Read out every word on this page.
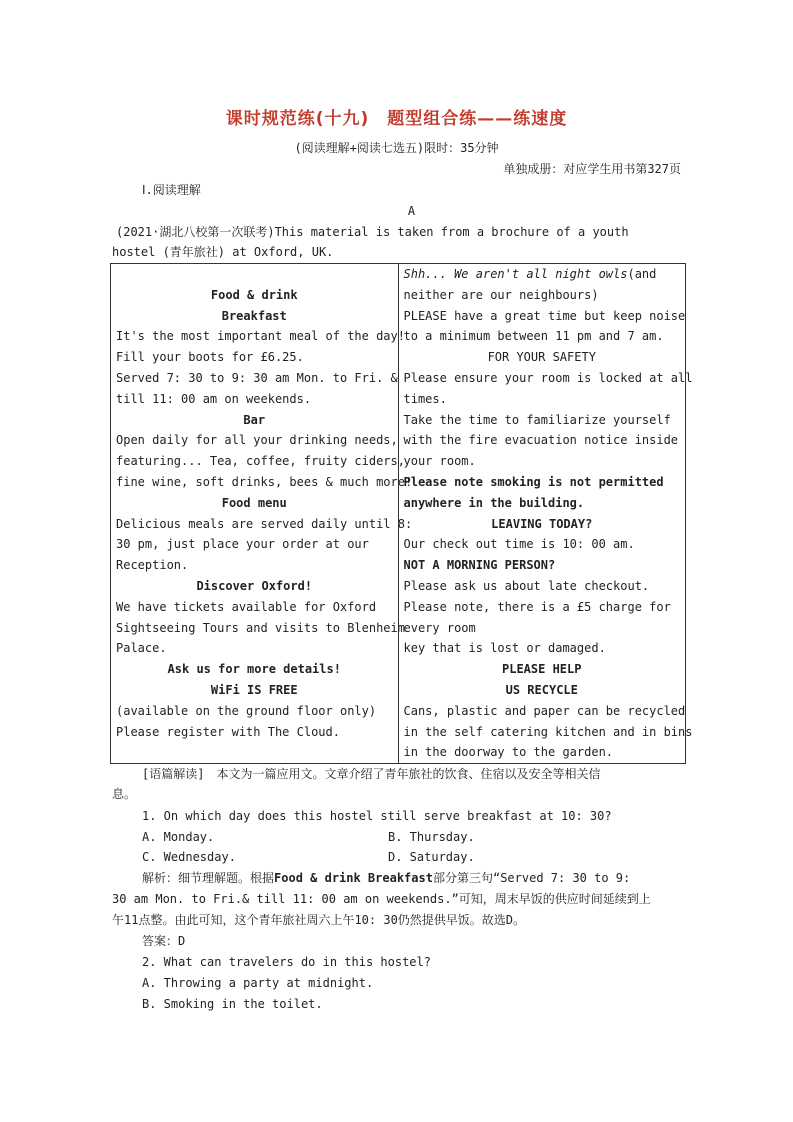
课时规范练(十九)　题型组合练——练速度
(阅读理解+阅读七选五)限时：35分钟
单独成册：对应学生用书第327页
Ⅰ.阅读理解
A
(2021·湖北八校第一次联考)This material is taken from a brochure of a youth
hostel (青年旅社) at Oxford, UK.
Food & drink
Breakfast
It's the most important meal of the day!
Fill your boots for £6.25.
Served 7: 30 to 9: 30 am Mon. to Fri. &
till 11: 00 am on weekends.
Bar
Open daily for all your drinking needs,
featuring... Tea, coffee, fruity ciders,
fine wine, soft drinks, bees & much more!
Food menu
Delicious meals are served daily until 8:
30 pm, just place your order at our
Reception.
Discover Oxford!
We have tickets available for Oxford
Sightseeing Tours and visits to Blenheim
Palace.
Ask us for more details!
WiFi IS FREE
(available on the ground floor only)
Please register with The Cloud.

Shh... We aren't all night owls(and
neither are our neighbours)
PLEASE have a great time but keep noise
to a minimum between 11 pm and 7 am.
FOR YOUR SAFETY
Please ensure your room is locked at all
times.
Take the time to familiarize yourself
with the fire evacuation notice inside
your room.
Please note smoking is not permitted
anywhere in the building.
LEAVING TODAY?
Our check out time is 10: 00 am.
NOT A MORNING PERSON?
Please ask us about late checkout.
Please note, there is a £5 charge for
every room
key that is lost or damaged.
PLEASE HELP
US RECYCLE
Cans, plastic and paper can be recycled
in the self catering kitchen and in bins
in the doorway to the garden.
[语篇解读]　本文为一篇应用文。文章介绍了青年旅社的饮食、住宿以及安全等相关信
息。
1. On which day does this hostel still serve breakfast at 10: 30?
A. Monday.	B. Thursday.
C. Wednesday.	D. Saturday.
解析：细节理解题。根据Food & drink Breakfast部分第三句“Served 7: 30 to 9:
30 am Mon. to Fri.& till 11: 00 am on weekends.”可知，周末早饭的供应时间延续到上
午11点整。由此可知，这个青年旅社周六上午10: 30仍然提供早饭。故选D。
答案：D
2. What can travelers do in this hostel?
A. Throwing a party at midnight.
B. Smoking in the toilet.
